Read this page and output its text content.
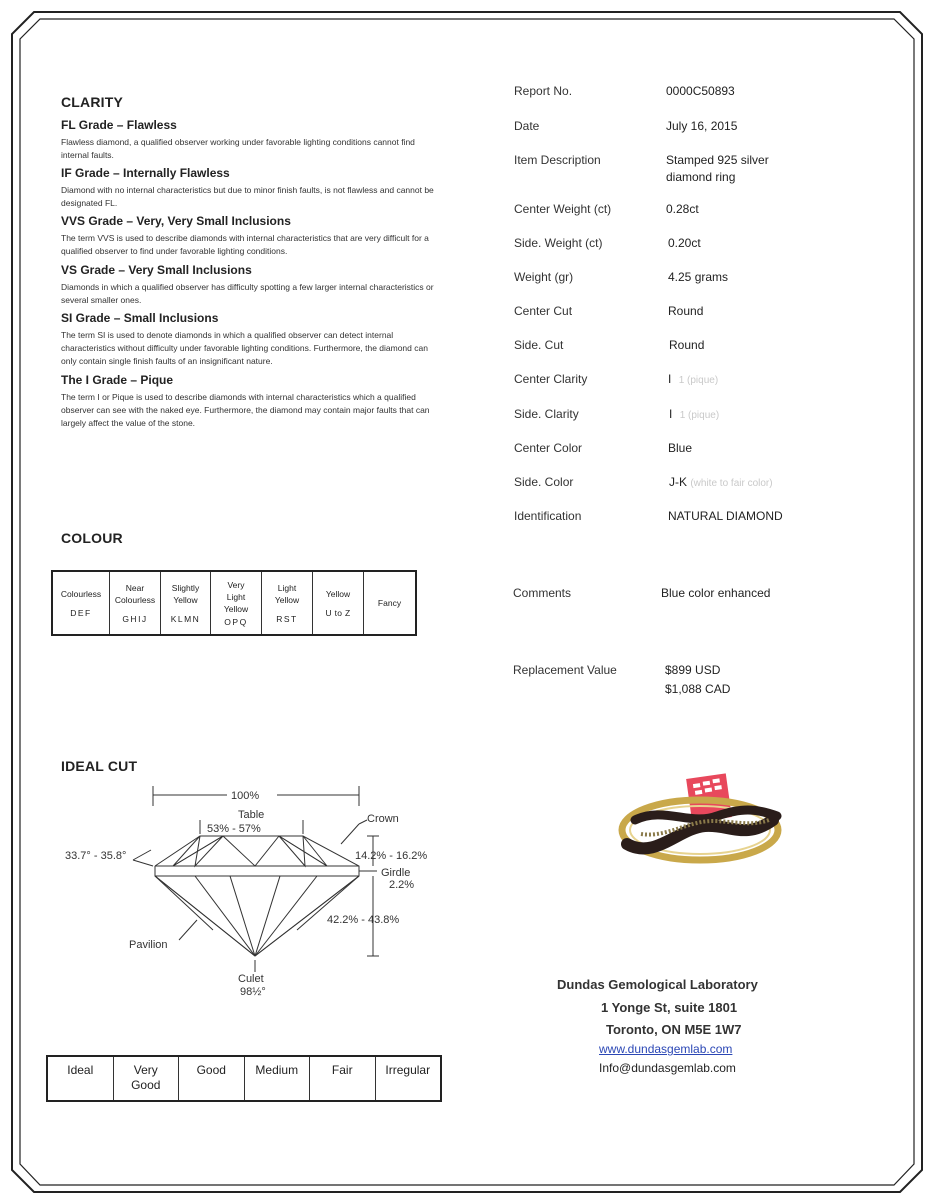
CLARITY
FL Grade – Flawless
Flawless diamond, a qualified observer working under favorable lighting conditions cannot find internal faults.
IF Grade – Internally Flawless
Diamond with no internal characteristics but due to minor finish faults, is not flawless and cannot be designated FL.
VVS Grade – Very, Very Small Inclusions
The term VVS is used to describe diamonds with internal characteristics that are very difficult for a qualified observer to find under favorable lighting conditions.
VS Grade – Very Small Inclusions
Diamonds in which a qualified observer has difficulty spotting a few larger internal characteristics or several smaller ones.
SI Grade – Small Inclusions
The term SI is used to denote diamonds in which a qualified observer can detect internal characteristics without difficulty under favorable lighting conditions. Furthermore, the diamond can only contain single finish faults of an insignificant nature.
The I Grade – Pique
The term I or Pique is used to describe diamonds with internal characteristics which a qualified observer can see with the naked eye. Furthermore, the diamond may contain major faults that can largely affect the value of the stone.
COLOUR
Colourless
DEF
	Near Colourless
GHIJ
	Slightly Yellow
KLMN

Very Light Yellow
OPQ

Light Yellow
RST
	Yellow
U to Z
	Fancy
IDEAL CUT
100%
Table
53% - 57%
Crown
33.7° - 35.8°	14.2% - 16.2%
Girdle
2.2%
42.2% - 43.8%
Pavilion
Culet
98½°
Ideal	Very Good
Good	Medium	Fair	Irregular
Report No.	0000C50893
Date	July 16, 2015
Item Description	Stamped 925 silver diamond ring
Center Weight (ct)	0.28ct
Side. Weight (ct)	0.20ct
Weight (gr)	4.25 grams
Center Cut	Round
Side. Cut	Round
Center Clarity	I 1 (pique)
Side. Clarity	I 1 (pique)
Center Color	Blue
Side. Color	J-K (white to fair color)
Identification	NATURAL DIAMOND
Comments	Blue color enhanced
Replacement Value	$899 USD
$1,088 CAD
Dundas Gemological Laboratory
1 Yonge St, suite 1801
Toronto, ON M5E 1W7
www.dundasgemlab.com
Info@dundasgemlab.com
